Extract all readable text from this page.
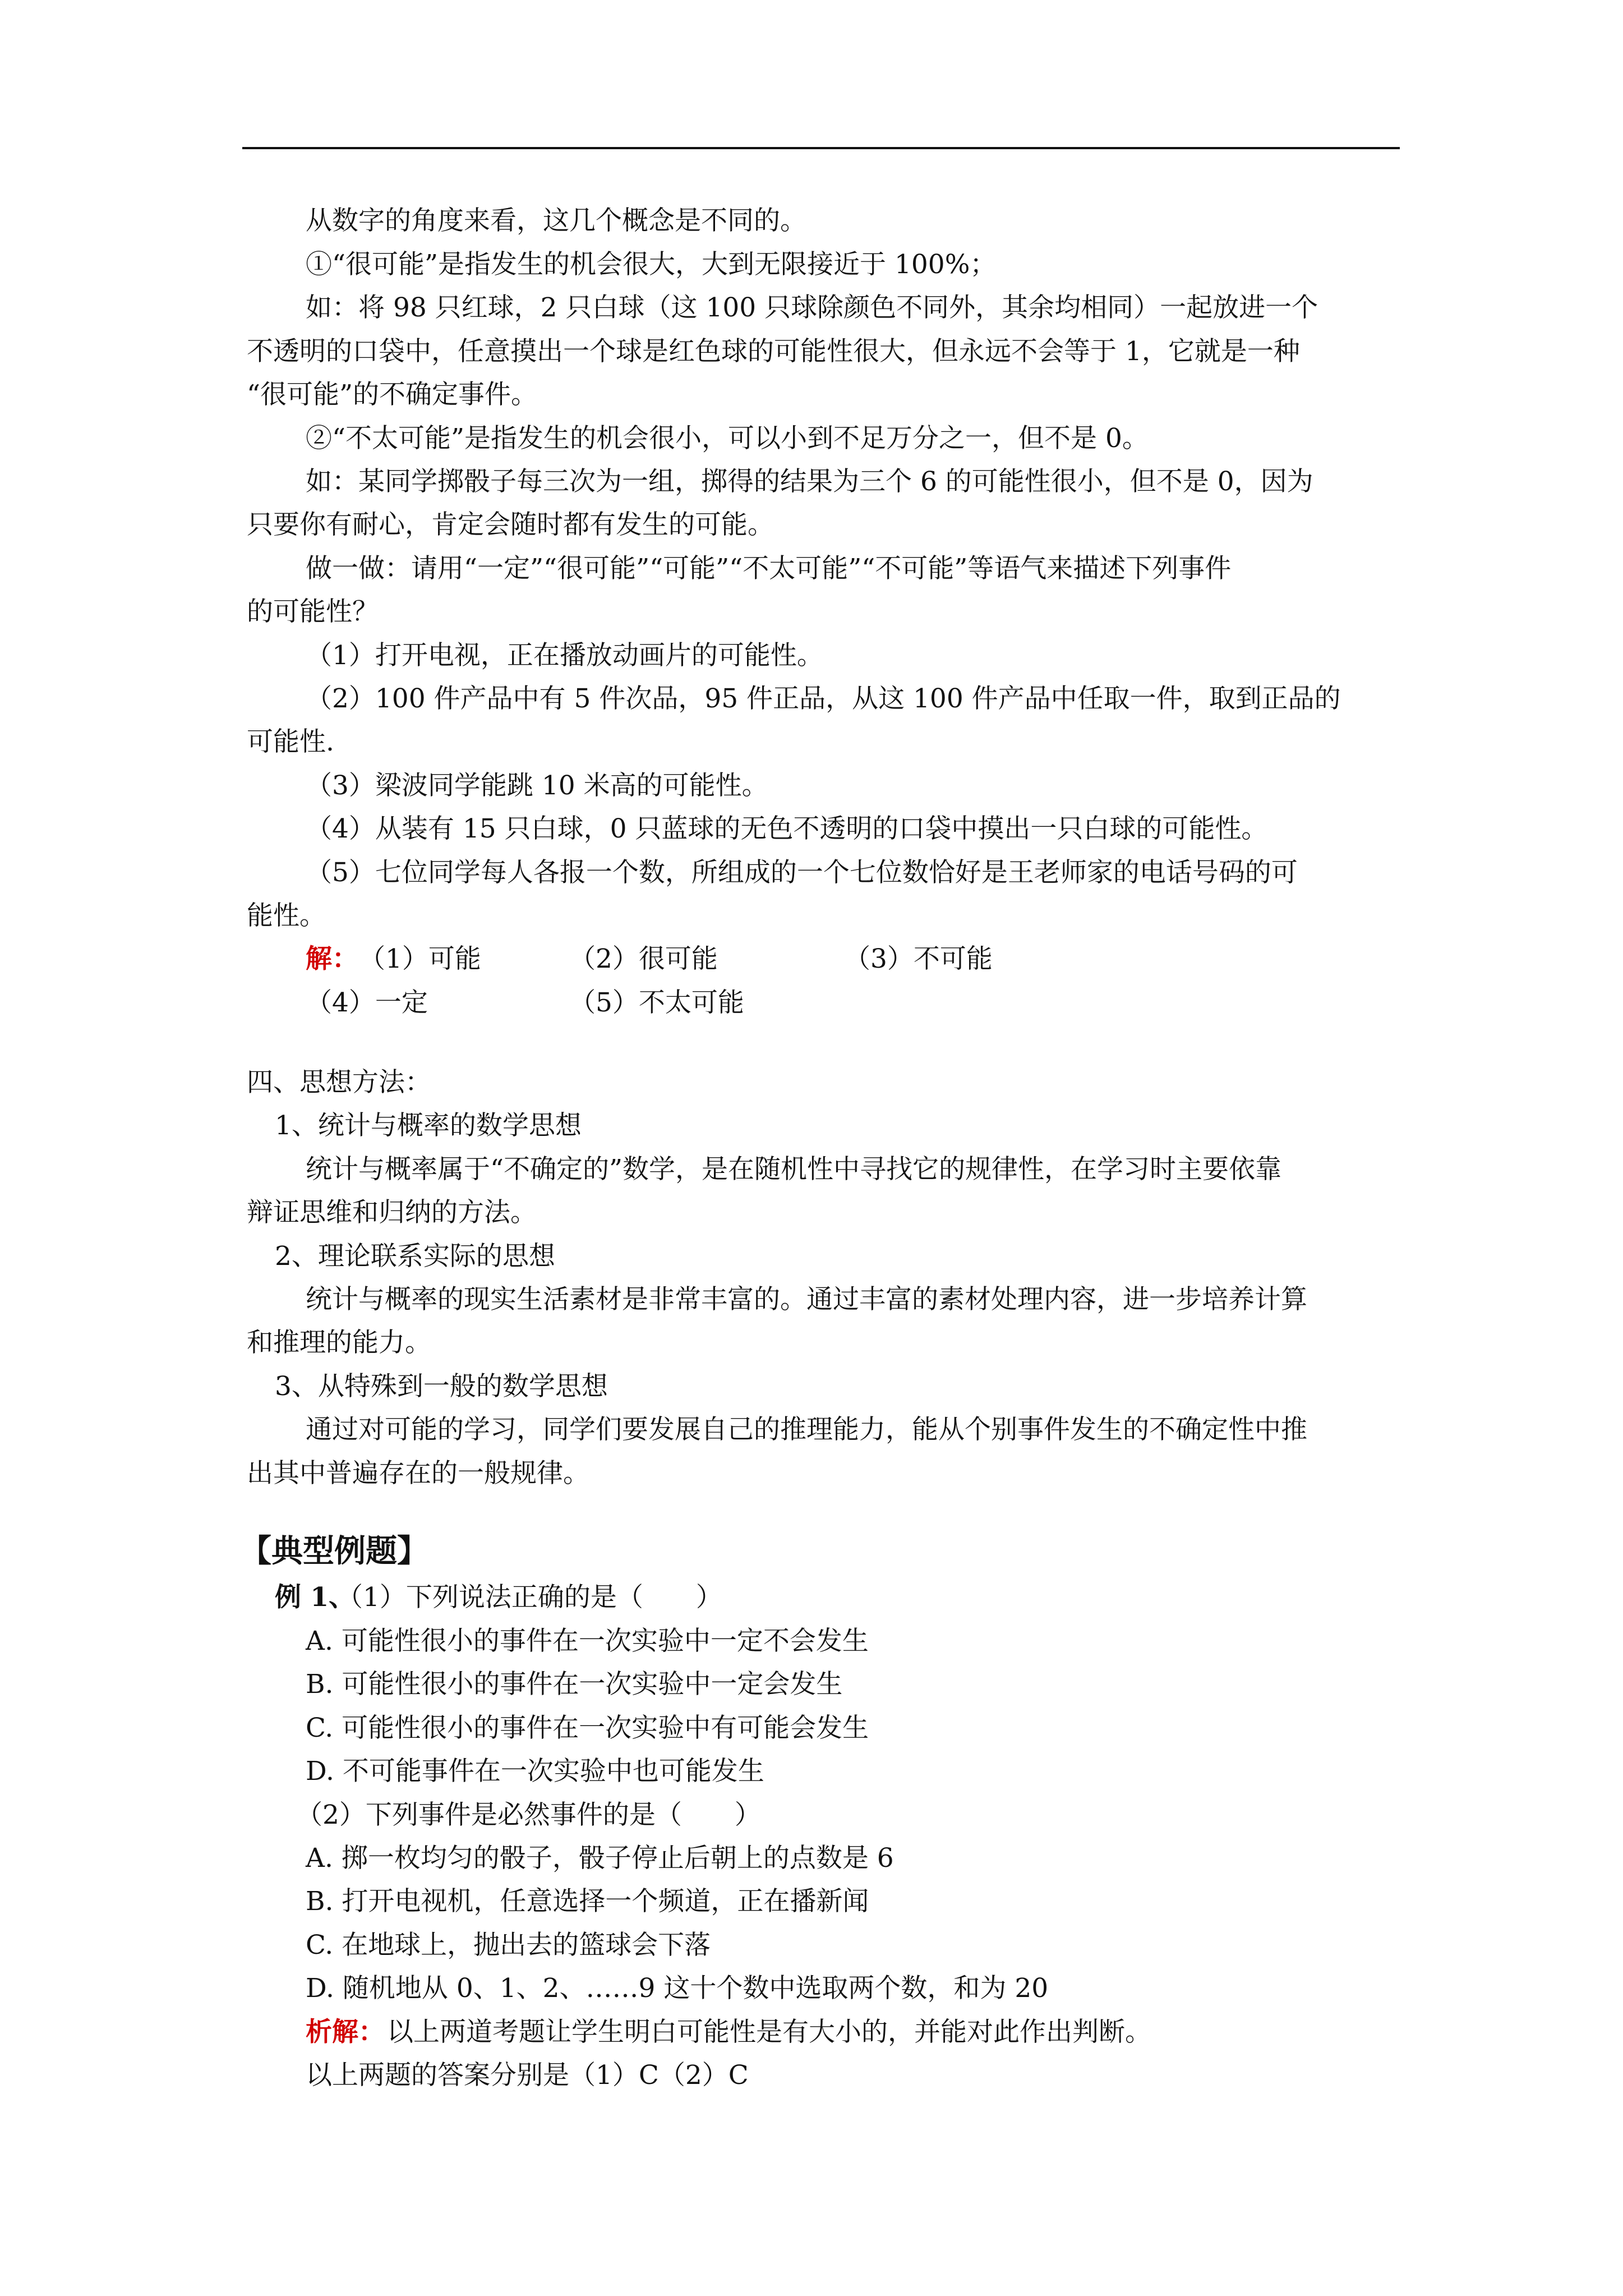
从数字的角度来看，这几个概念是不同的。

①“很可能”是指发生的机会很大，大到无限接近于 100%；

如：将 98 只红球，2 只白球（这 100 只球除颜色不同外，其余均相同）一起放进一个

不透明的口袋中，任意摸出一个球是红色球的可能性很大，但永远不会等于 1，它就是一种

“很可能”的不确定事件。

②“不太可能”是指发生的机会很小，可以小到不足万分之一，但不是 0。

如：某同学掷骰子每三次为一组，掷得的结果为三个 6 的可能性很小，但不是 0，因为

只要你有耐心，肯定会随时都有发生的可能。

做一做：请用“一定”“很可能”“可能”“不太可能”“不可能”等语气来描述下列事件

的可能性？

（1）打开电视，正在播放动画片的可能性。

（2）100 件产品中有 5 件次品，95 件正品，从这 100 件产品中任取一件，取到正品的

可能性.

（3）梁波同学能跳 10 米高的可能性。

（4）从装有 15 只白球，0 只蓝球的无色不透明的口袋中摸出一只白球的可能性。

（5）七位同学每人各报一个数，所组成的一个七位数恰好是王老师家的电话号码的可

能性。

解： （1）可能	（2）很可能	（3）不可能

（4）一定	（5）不太可能

四、思想方法：

1、统计与概率的数学思想

统计与概率属于“不确定的”数学，是在随机性中寻找它的规律性，在学习时主要依靠

辩证思维和归纳的方法。

2、理论联系实际的思想

统计与概率的现实生活素材是非常丰富的。通过丰富的素材处理内容，进一步培养计算

和推理的能力。

3、从特殊到一般的数学思想

通过对可能的学习，同学们要发展自己的推理能力，能从个别事件发生的不确定性中推

出其中普遍存在的一般规律。

【典型例题】

例 1、

（1）下列说法正确的是（　　）

A. 可能性很小的事件在一次实验中一定不会发生

B. 可能性很小的事件在一次实验中一定会发生

C. 可能性很小的事件在一次实验中有可能会发生

D. 不可能事件在一次实验中也可能发生

（2）下列事件是必然事件的是（　　）

A. 掷一枚均匀的骰子，骰子停止后朝上的点数是 6

B. 打开电视机，任意选择一个频道，正在播新闻

C. 在地球上，抛出去的篮球会下落

D. 随机地从 0、1、2、……9 这十个数中选取两个数，和为 20

析解： 以上两道考题让学生明白可能性是有大小的，并能对此作出判断。

以上两题的答案分别是（1）C（2）C
